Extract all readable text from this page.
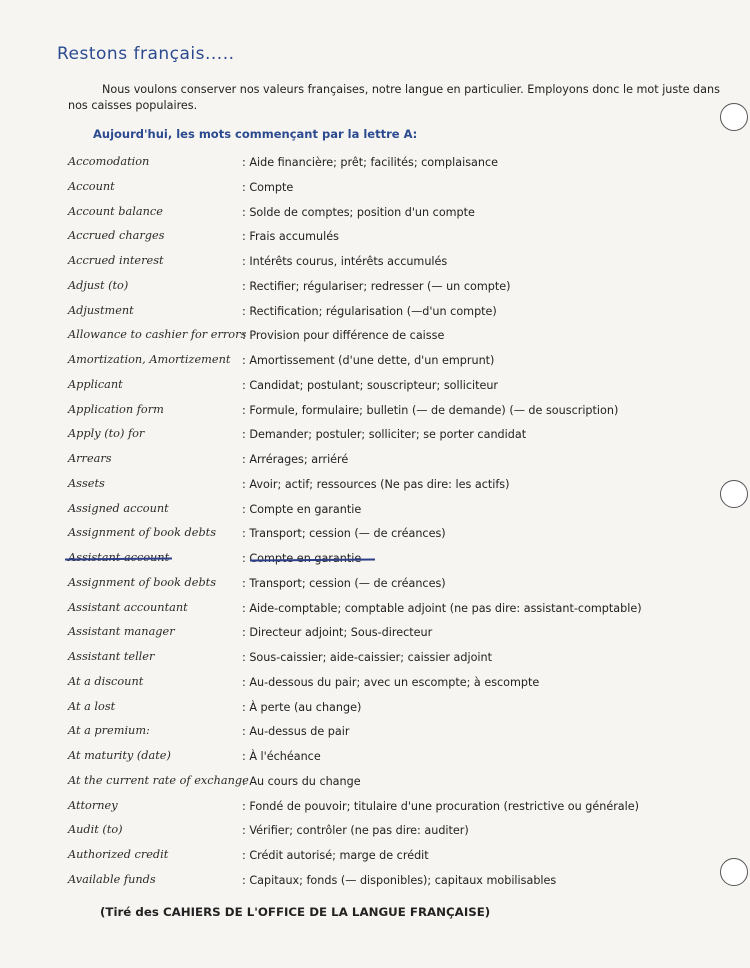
Restons français.....
Nous voulons conserver nos valeurs françaises, notre langue en particulier. Employons donc le mot juste dans nos caisses populaires.
Aujourd'hui, les mots commençant par la lettre A:
Accomodation	: Aide financière; prêt; facilités; complaisance
Account	: Compte
Account balance	: Solde de comptes; position d'un compte
Accrued charges	: Frais accumulés
Accrued interest	: Intérêts courus, intérêts accumulés
Adjust (to)	: Rectifier; régulariser; redresser (— un compte)
Adjustment	: Rectification; régularisation (—d'un compte)
Allowance to cashier for errors
: Provision pour différence de caisse
Amortization, Amortizement : Amortissement (d'une dette, d'un emprunt)
Applicant	: Candidat; postulant; souscripteur; solliciteur
Application form	: Formule, formulaire; bulletin (— de demande) (— de souscription)
Apply (to) for	: Demander; postuler; solliciter; se porter candidat
Arrears	: Arrérages; arriéré
Assets	: Avoir; actif; ressources (Ne pas dire: les actifs)
Assigned account	: Compte en garantie
Assignment of book debts : Transport; cession (— de créances)
Assistant account	: Compte en garantie
Assignment of book debts : Transport; cession (— de créances)
Assistant accountant	: Aide-comptable; comptable adjoint (ne pas dire: assistant-comptable)
Assistant manager	: Directeur adjoint; Sous-directeur
Assistant teller	: Sous-caissier; aide-caissier; caissier adjoint
At a discount	: Au-dessous du pair; avec un escompte; à escompte
At a lost	: À perte (au change)
At a premium:	: Au-dessus de pair
At maturity (date)	: À l'échéance
At the current rate of exchange
: Au cours du change
Attorney	: Fondé de pouvoir; titulaire d'une procuration (restrictive ou générale)
Audit (to)	: Vérifier; contrôler (ne pas dire: auditer)
Authorized credit	: Crédit autorisé; marge de crédit
Available funds	: Capitaux; fonds (— disponibles); capitaux mobilisables
(Tiré des CAHIERS DE L'OFFICE DE LA LANGUE FRANÇAISE)
